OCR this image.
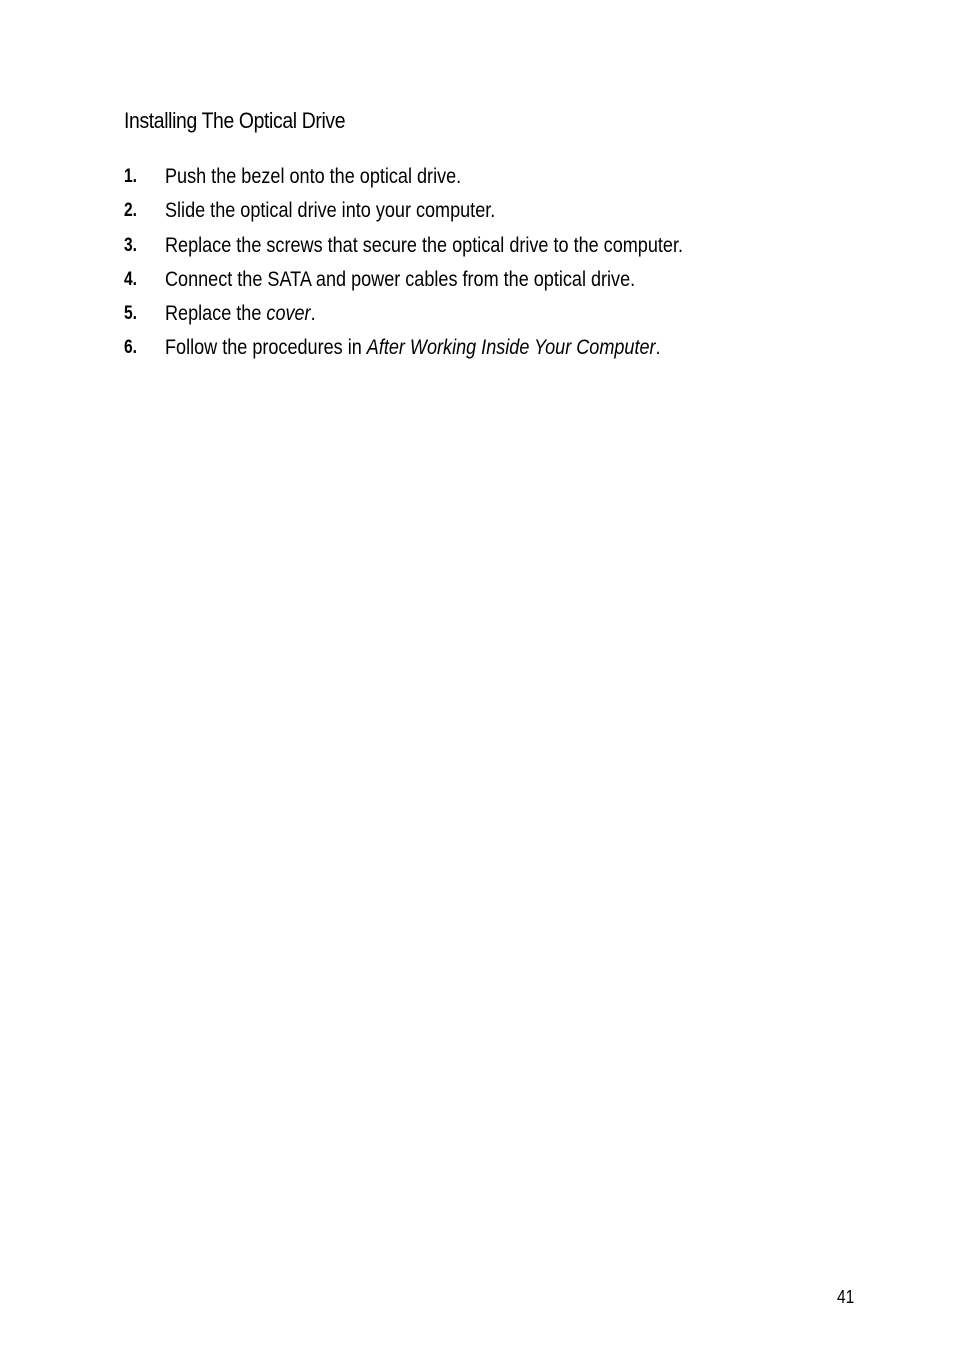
Installing The Optical Drive
1. Push the bezel onto the optical drive.
2. Slide the optical drive into your computer.
3. Replace the screws that secure the optical drive to the computer.
4. Connect the SATA and power cables from the optical drive.
5. Replace the cover.
6. Follow the procedures in After Working Inside Your Computer.
41
